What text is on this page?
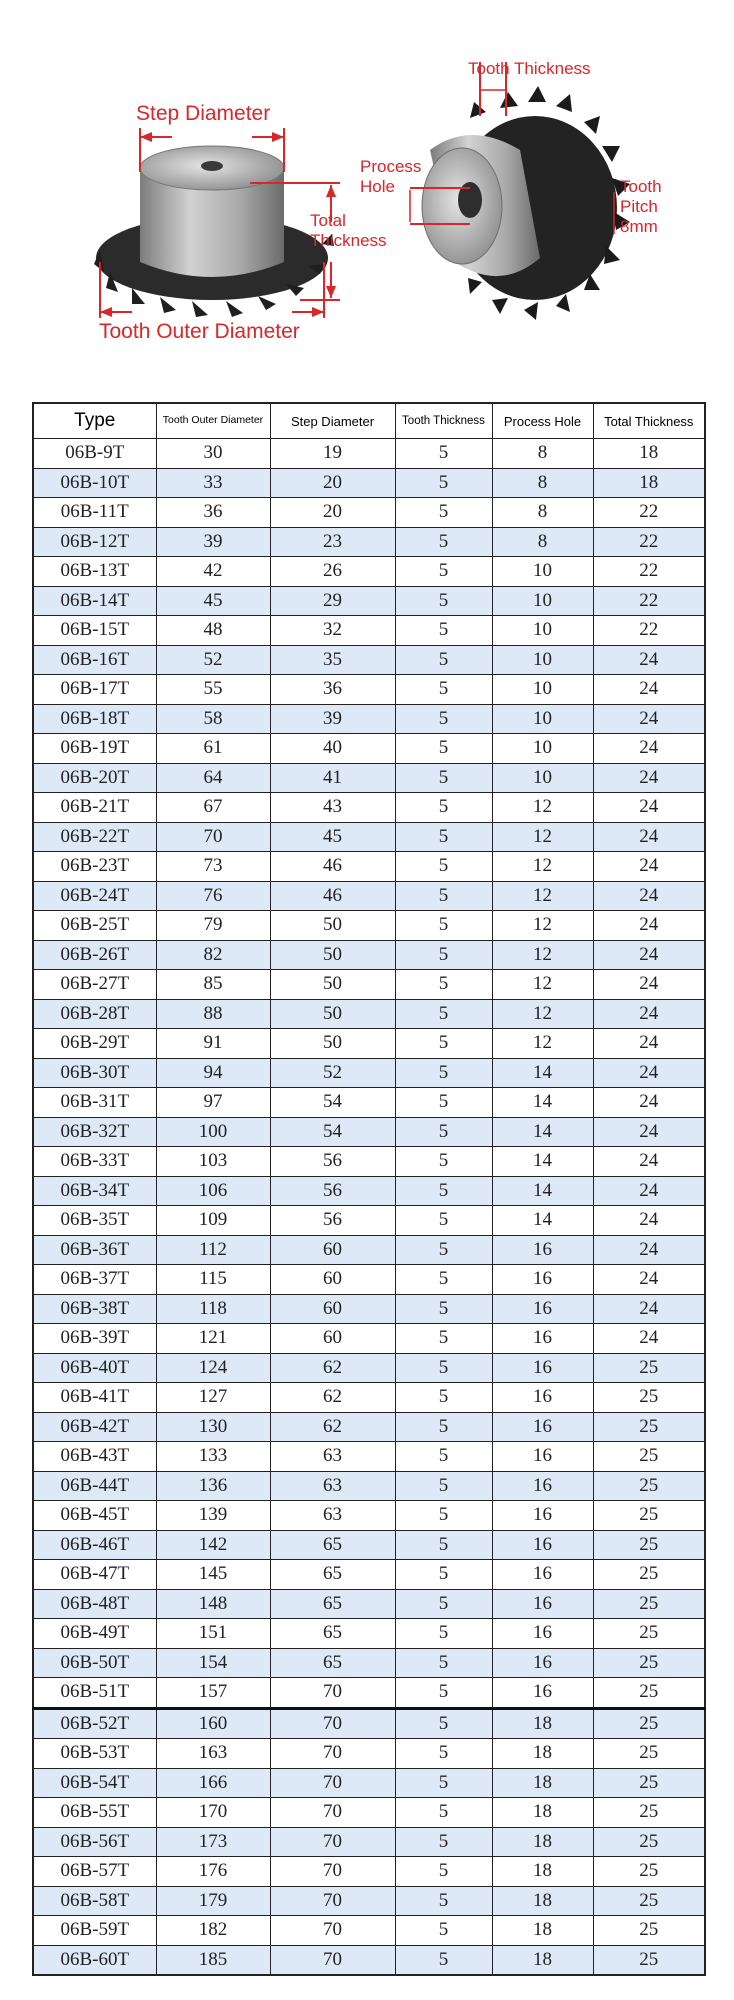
Step Diameter
Total
Thickness
Tooth Outer Diameter
Tooth Thickness
Process
Hole	Tooth
Pitch
8mm
Type	Tooth Outer Diameter	Step Diameter	Tooth Thickness	Process Hole	Total Thickness
06B-9T	30	19	5	8	18
06B-10T	33	20	5	8	18
06B-11T	36	20	5	8	22
06B-12T	39	23	5	8	22
06B-13T	42	26	5	10	22
06B-14T	45	29	5	10	22
06B-15T	48	32	5	10	22
06B-16T	52	35	5	10	24
06B-17T	55	36	5	10	24
06B-18T	58	39	5	10	24
06B-19T	61	40	5	10	24
06B-20T	64	41	5	10	24
06B-21T	67	43	5	12	24
06B-22T	70	45	5	12	24
06B-23T	73	46	5	12	24
06B-24T	76	46	5	12	24
06B-25T	79	50	5	12	24
06B-26T	82	50	5	12	24
06B-27T	85	50	5	12	24
06B-28T	88	50	5	12	24
06B-29T	91	50	5	12	24
06B-30T	94	52	5	14	24
06B-31T	97	54	5	14	24
06B-32T	100	54	5	14	24
06B-33T	103	56	5	14	24
06B-34T	106	56	5	14	24
06B-35T	109	56	5	14	24
06B-36T	112	60	5	16	24
06B-37T	115	60	5	16	24
06B-38T	118	60	5	16	24
06B-39T	121	60	5	16	24
06B-40T	124	62	5	16	25
06B-41T	127	62	5	16	25
06B-42T	130	62	5	16	25
06B-43T	133	63	5	16	25
06B-44T	136	63	5	16	25
06B-45T	139	63	5	16	25
06B-46T	142	65	5	16	25
06B-47T	145	65	5	16	25
06B-48T	148	65	5	16	25
06B-49T	151	65	5	16	25
06B-50T	154	65	5	16	25
06B-51T	157	70	5	16	25
06B-52T	160	70	5	18	25
06B-53T	163	70	5	18	25
06B-54T	166	70	5	18	25
06B-55T	170	70	5	18	25
06B-56T	173	70	5	18	25
06B-57T	176	70	5	18	25
06B-58T	179	70	5	18	25
06B-59T	182	70	5	18	25
06B-60T	185	70	5	18	25
